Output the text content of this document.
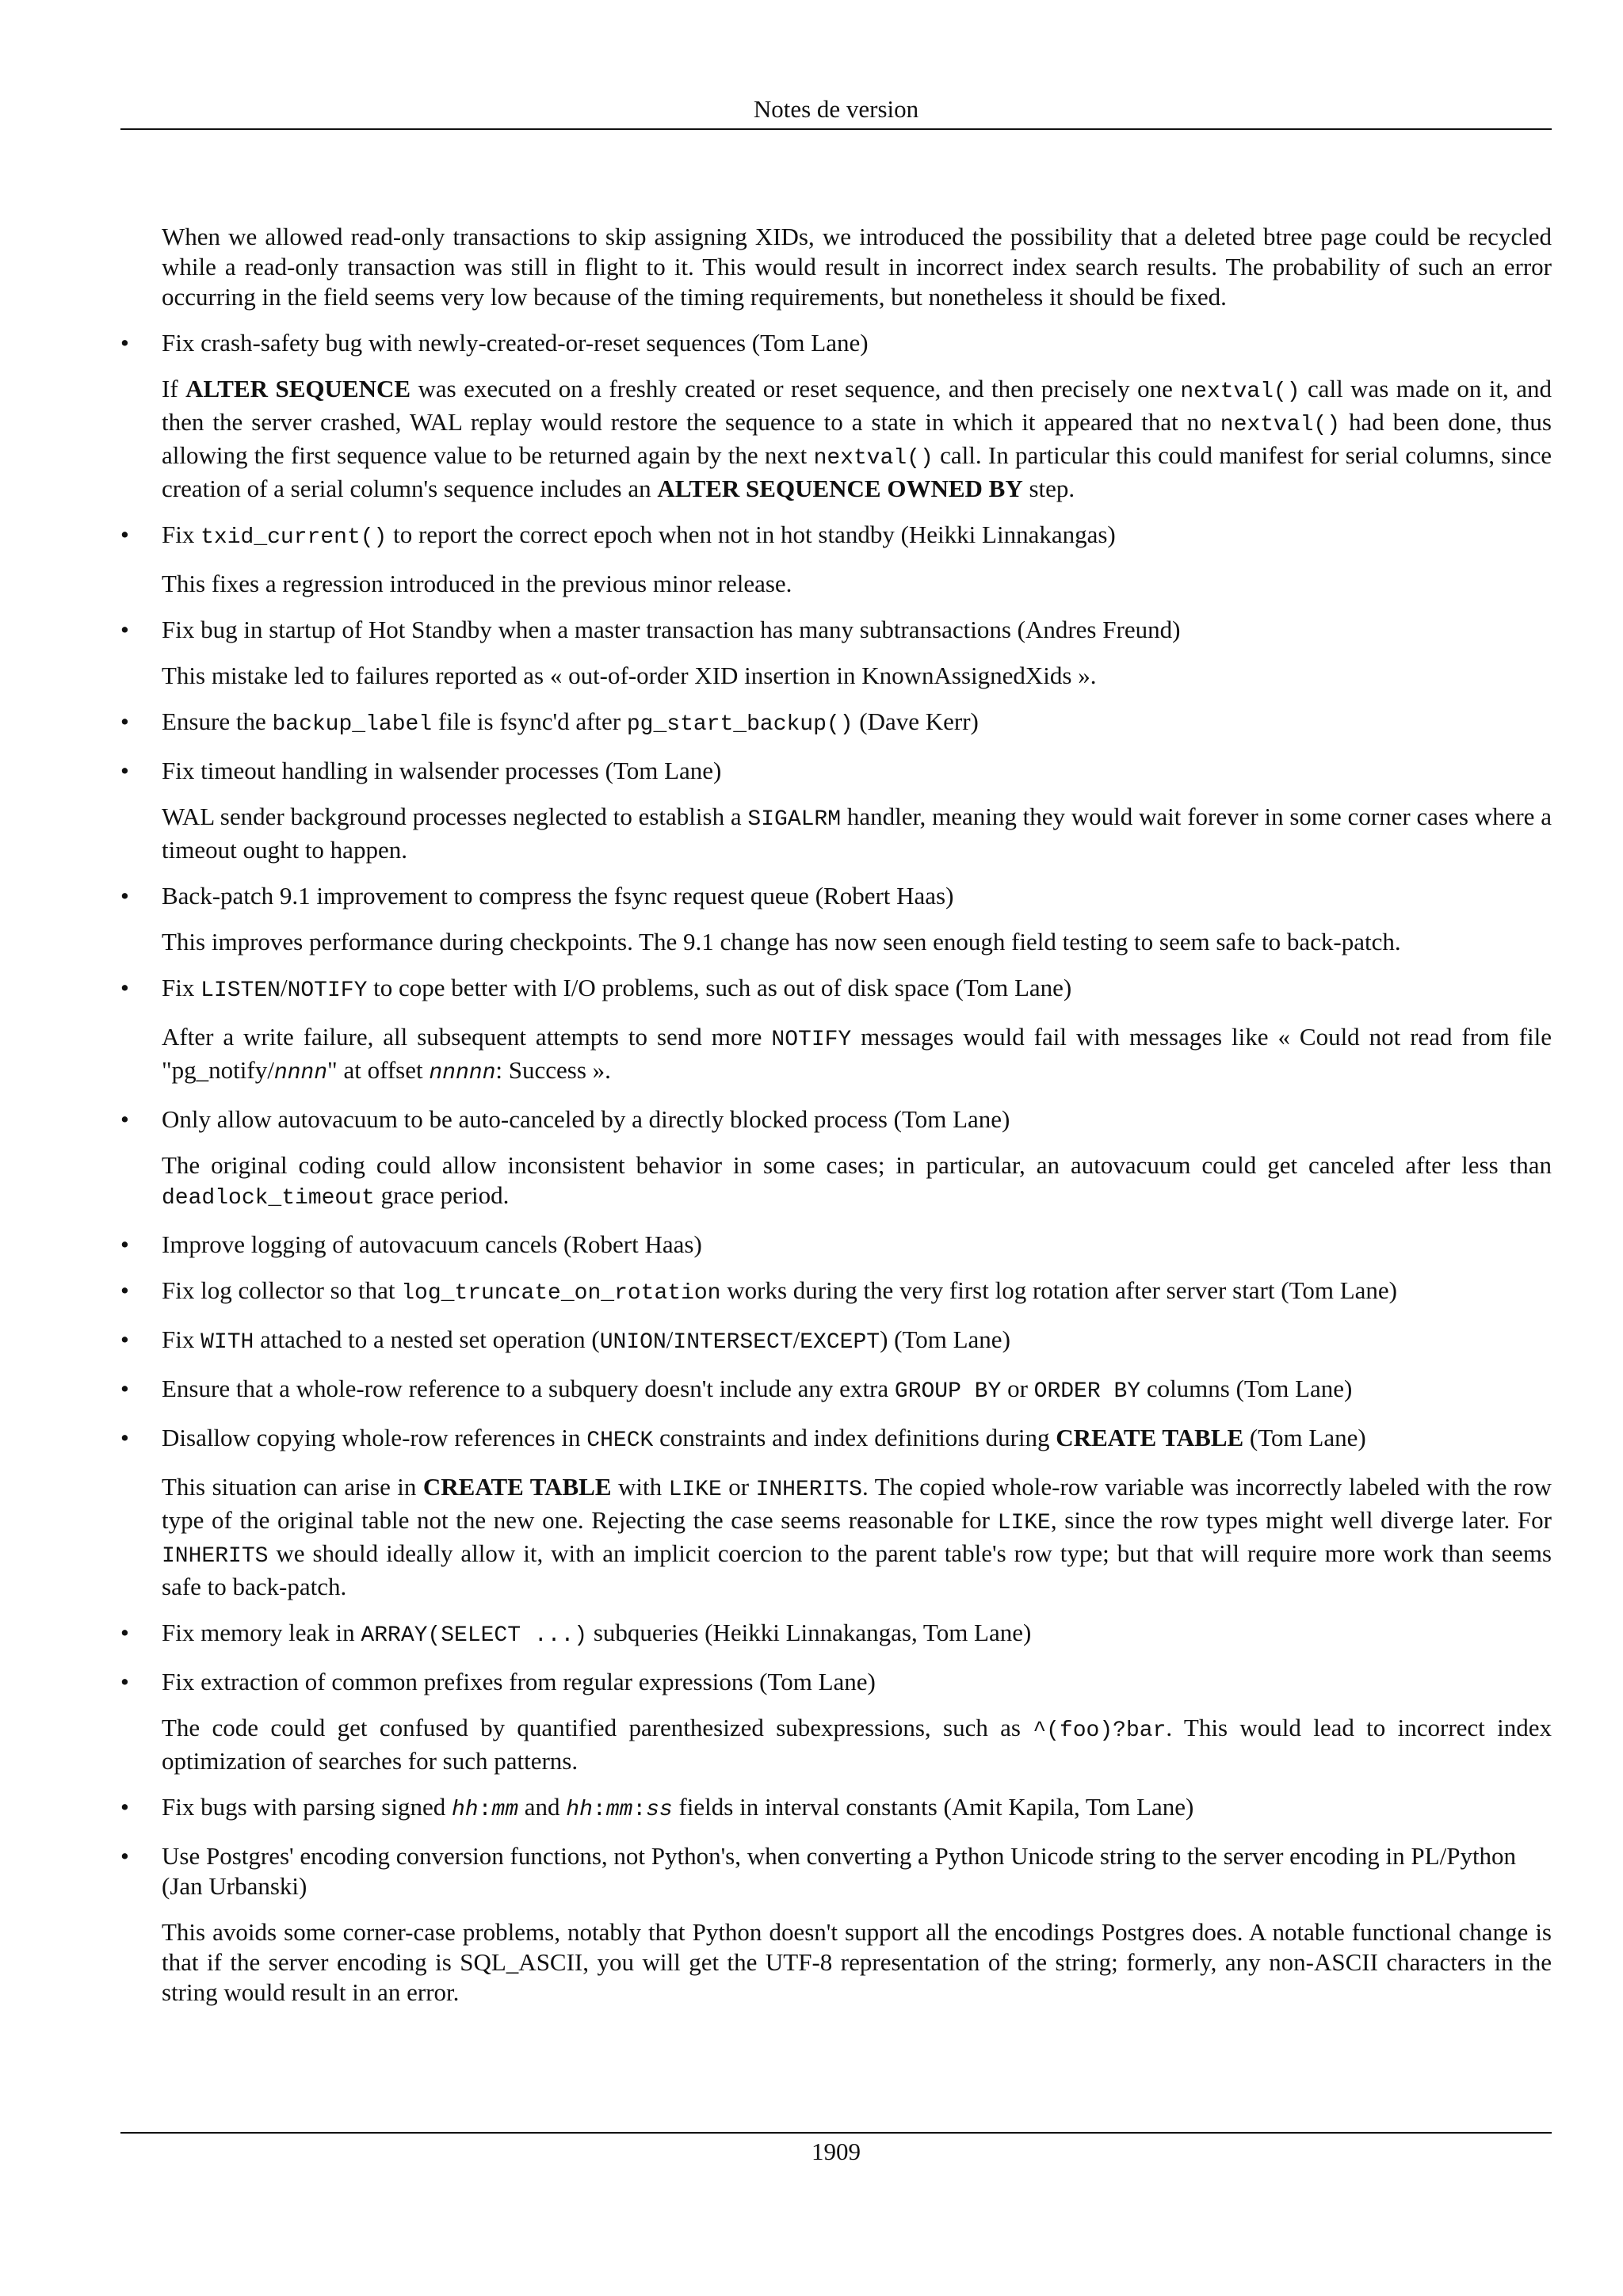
Notes de version

When we allowed read-only transactions to skip assigning XIDs, we introduced the possibility that a deleted btree page could be recycled while a read-only transaction was still in flight to it. This would result in incorrect index search results. The probability of such an error occurring in the field seems very low because of the timing requirements, but nonetheless it should be fixed.

• Fix crash-safety bug with newly-created-or-reset sequences (Tom Lane)

If ALTER SEQUENCE was executed on a freshly created or reset sequence, and then precisely one nextval() call was made on it, and then the server crashed, WAL replay would restore the sequence to a state in which it appeared that no nextval() had been done, thus allowing the first sequence value to be returned again by the next nextval() call. In particular this could manifest for serial columns, since creation of a serial column's sequence includes an ALTER SEQUENCE OWNED BY step.

• Fix txid_current() to report the correct epoch when not in hot standby (Heikki Linnakangas)

This fixes a regression introduced in the previous minor release.

• Fix bug in startup of Hot Standby when a master transaction has many subtransactions (Andres Freund)

This mistake led to failures reported as « out-of-order XID insertion in KnownAssignedXids ».

• Ensure the backup_label file is fsync'd after pg_start_backup() (Dave Kerr)

• Fix timeout handling in walsender processes (Tom Lane)

WAL sender background processes neglected to establish a SIGALRM handler, meaning they would wait forever in some corner cases where a timeout ought to happen.

• Back-patch 9.1 improvement to compress the fsync request queue (Robert Haas)

This improves performance during checkpoints. The 9.1 change has now seen enough field testing to seem safe to back-patch.

• Fix LISTEN/NOTIFY to cope better with I/O problems, such as out of disk space (Tom Lane)

After a write failure, all subsequent attempts to send more NOTIFY messages would fail with messages like « Could not read from file "pg_notify/nnnn" at offset nnnnn: Success ».

• Only allow autovacuum to be auto-canceled by a directly blocked process (Tom Lane)

The original coding could allow inconsistent behavior in some cases; in particular, an autovacuum could get canceled after less than deadlock_timeout grace period.

• Improve logging of autovacuum cancels (Robert Haas)

• Fix log collector so that log_truncate_on_rotation works during the very first log rotation after server start (Tom Lane)

• Fix WITH attached to a nested set operation (UNION/INTERSECT/EXCEPT) (Tom Lane)

• Ensure that a whole-row reference to a subquery doesn't include any extra GROUP BY or ORDER BY columns (Tom Lane)

• Disallow copying whole-row references in CHECK constraints and index definitions during CREATE TABLE (Tom Lane)

This situation can arise in CREATE TABLE with LIKE or INHERITS. The copied whole-row variable was incorrectly labeled with the row type of the original table not the new one. Rejecting the case seems reasonable for LIKE, since the row types might well diverge later. For INHERITS we should ideally allow it, with an implicit coercion to the parent table's row type; but that will require more work than seems safe to back-patch.

• Fix memory leak in ARRAY(SELECT ...) subqueries (Heikki Linnakangas, Tom Lane)

• Fix extraction of common prefixes from regular expressions (Tom Lane)

The code could get confused by quantified parenthesized subexpressions, such as ^(foo)?bar. This would lead to incorrect index optimization of searches for such patterns.

• Fix bugs with parsing signed hh:mm and hh:mm:ss fields in interval constants (Amit Kapila, Tom Lane)

• Use Postgres' encoding conversion functions, not Python's, when converting a Python Unicode string to the server encoding in PL/Python (Jan Urbanski)

This avoids some corner-case problems, notably that Python doesn't support all the encodings Postgres does. A notable functional change is that if the server encoding is SQL_ASCII, you will get the UTF-8 representation of the string; formerly, any non-ASCII characters in the string would result in an error.

1909
